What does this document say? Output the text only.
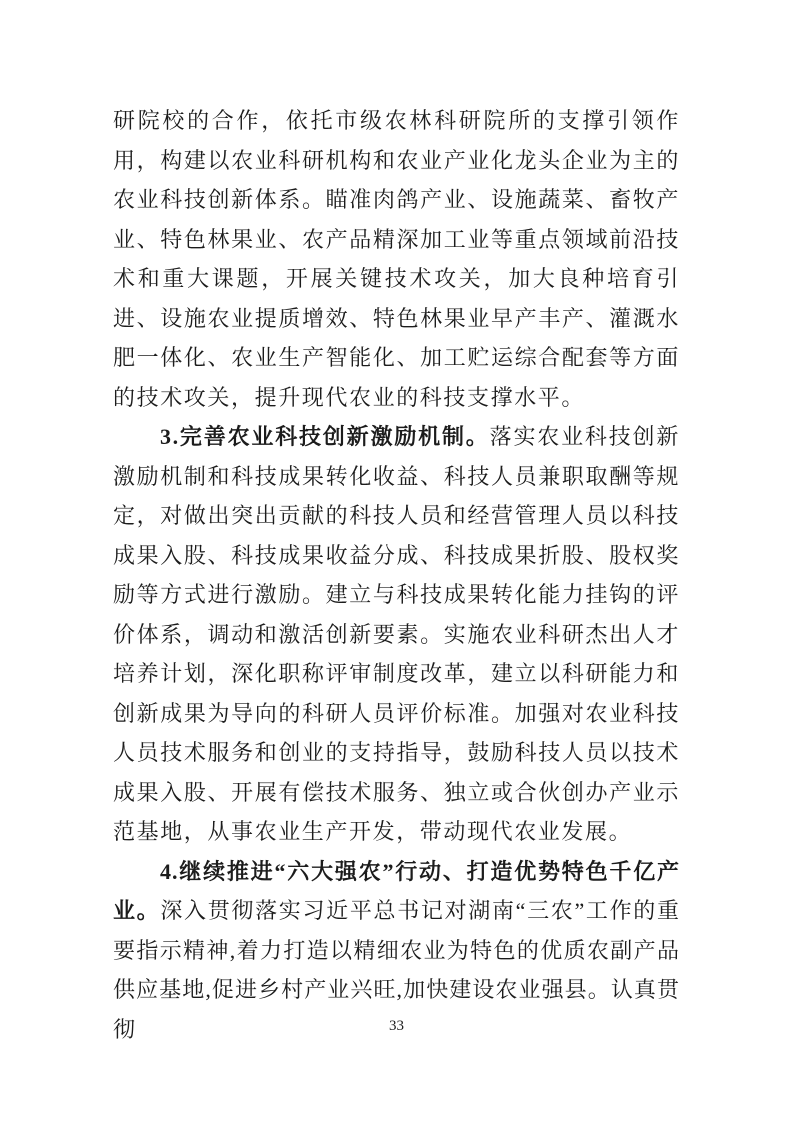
研院校的合作，依托市级农林科研院所的支撑引领作用，构建以农业科研机构和农业产业化龙头企业为主的农业科技创新体系。瞄准肉鸽产业、设施蔬菜、畜牧产业、特色林果业、农产品精深加工业等重点领域前沿技术和重大课题，开展关键技术攻关，加大良种培育引进、设施农业提质增效、特色林果业早产丰产、灌溉水肥一体化、农业生产智能化、加工贮运综合配套等方面的技术攻关，提升现代农业的科技支撑水平。

3.完善农业科技创新激励机制。落实农业科技创新激励机制和科技成果转化收益、科技人员兼职取酬等规定，对做出突出贡献的科技人员和经营管理人员以科技成果入股、科技成果收益分成、科技成果折股、股权奖励等方式进行激励。建立与科技成果转化能力挂钩的评价体系，调动和激活创新要素。实施农业科研杰出人才培养计划，深化职称评审制度改革，建立以科研能力和创新成果为导向的科研人员评价标准。加强对农业科技人员技术服务和创业的支持指导，鼓励科技人员以技术成果入股、开展有偿技术服务、独立或合伙创办产业示范基地，从事农业生产开发，带动现代农业发展。

4.继续推进“六大强农”行动、打造优势特色千亿产业。深入贯彻落实习近平总书记对湖南“三农”工作的重要指示精神,着力打造以精细农业为特色的优质农副产品供应基地,促进乡村产业兴旺,加快建设农业强县。认真贯彻	33
